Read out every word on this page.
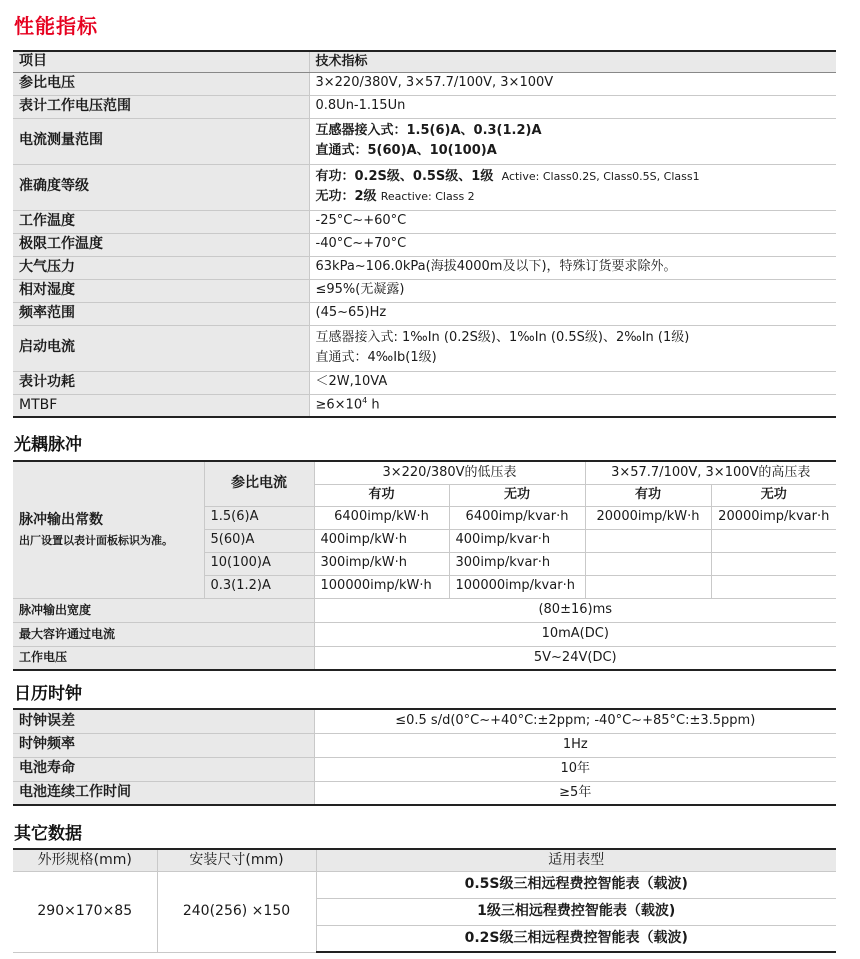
性能指标
项目	技术指标
参比电压	3×220/380V, 3×57.7/100V, 3×100V
表计工作电压范围	0.8Un-1.15Un
电流测量范围	互感器接入式：1.5(6)A、0.3(1.2)A
直通式：5(60)A、10(100)A

准确度等级	有功：0.2S级、0.5S级、1级 Active: Class0.2S, Class0.5S, Class1
无功：2级 Reactive: Class 2

工作温度	-25°C~+60°C
极限工作温度	-40°C~+70°C
大气压力	63kPa~106.0kPa(海拔4000m及以下)，特殊订货要求除外。
相对湿度	≤95%(无凝露)
频率范围	(45~65)Hz
启动电流	互感器接入式: 1‰In (0.2S级)、1‰In (0.5S级)、2‰In (1级)
直通式：4‰Ib(1级)

表计功耗	＜2W,10VA
MTBF	$\ge 6\times 10^4$ h
光耦脉冲
脉冲输出常数
出厂设置以表计面板标识为准。	参比电流	3×220/380V的低压表		3×57.7/100V, 3×100V的高压表	
		有功	无功	有功	无功
	1.5(6)A	6400imp/kW·h	6400imp/kvar·h	20000imp/kW·h	20000imp/kvar·h
	5(60)A	400imp/kW·h	400imp/kvar·h		
	10(100)A	300imp/kW·h	300imp/kvar·h		
	0.3(1.2)A	100000imp/kW·h	100000imp/kvar·h		
脉冲输出宽度		(80±16)ms			
最大容许通过电流		10mA(DC)			
工作电压		5V~24V(DC)			
日历时钟
时钟误差	≤0.5 s/d(0°C~+40°C:±2ppm; -40°C~+85°C:±3.5ppm)
时钟频率	1Hz
电池寿命	10年
电池连续工作时间	≥5年
其它数据
外形规格(mm)	安装尺寸(mm)	适用表型
290×170×85	240(256) ×150	0.5S级三相远程费控智能表（载波)
		1级三相远程费控智能表（载波)
		0.2S级三相远程费控智能表（载波)
